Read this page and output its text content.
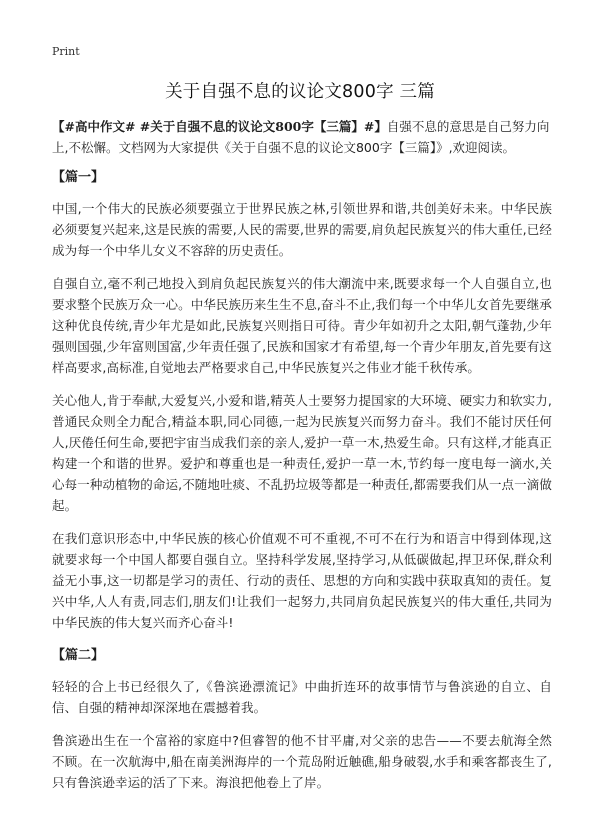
Print
关于自强不息的议论文800字 三篇

【#高中作文# #关于自强不息的议论文800字【三篇】#】自强不息的意思是自己努力向上,不松懈。文档网为大家提供《关于自强不息的议论文800字【三篇】》,欢迎阅读。

【篇一】

中国,一个伟大的民族必须要强立于世界民族之林,引领世界和谐,共创美好未来。中华民族必须要复兴起来,这是民族的需要,人民的需要,世界的需要,肩负起民族复兴的伟大重任,已经成为每一个中华儿女义不容辞的历史责任。

自强自立,毫不利己地投入到肩负起民族复兴的伟大潮流中来,既要求每一个人自强自立,也要求整个民族万众一心。中华民族历来生生不息,奋斗不止,我们每一个中华儿女首先要继承这种优良传统,青少年尤是如此,民族复兴则指日可待。青少年如初升之太阳,朝气蓬勃,少年强则国强,少年富则国富,少年责任强了,民族和国家才有希望,每一个青少年朋友,首先要有这样高要求,高标准,自觉地去严格要求自己,中华民族复兴之伟业才能千秋传承。

关心他人,肯于奉献,大爱复兴,小爱和谐,精英人士要努力提国家的大环境、硬实力和软实力,普通民众则全力配合,精益本职,同心同德,一起为民族复兴而努力奋斗。我们不能讨厌任何人,厌倦任何生命,要把宇宙当成我们亲的亲人,爱护一草一木,热爱生命。只有这样,才能真正构建一个和谐的世界。爱护和尊重也是一种责任,爱护一草一木,节约每一度电每一滴水,关心每一种动植物的命运,不随地吐痰、不乱扔垃圾等都是一种责任,都需要我们从一点一滴做起。

在我们意识形态中,中华民族的核心价值观不可不重视,不可不在行为和语言中得到体现,这就要求每一个中国人都要自强自立。坚持科学发展,坚持学习,从低碳做起,捍卫环保,群众利益无小事,这一切都是学习的责任、行动的责任、思想的方向和实践中获取真知的责任。复兴中华,人人有责,同志们,朋友们!让我们一起努力,共同肩负起民族复兴的伟大重任,共同为中华民族的伟大复兴而齐心奋斗!

【篇二】

轻轻的合上书已经很久了,《鲁滨逊漂流记》中曲折连环的故事情节与鲁滨逊的自立、自信、自强的精神却深深地在震撼着我。

鲁滨逊出生在一个富裕的家庭中?但睿智的他不甘平庸,对父亲的忠告——不要去航海全然不顾。在一次航海中,船在南美洲海岸的一个荒岛附近触礁,船身破裂,水手和乘客都丧生了,只有鲁滨逊幸运的活了下来。海浪把他卷上了岸。
